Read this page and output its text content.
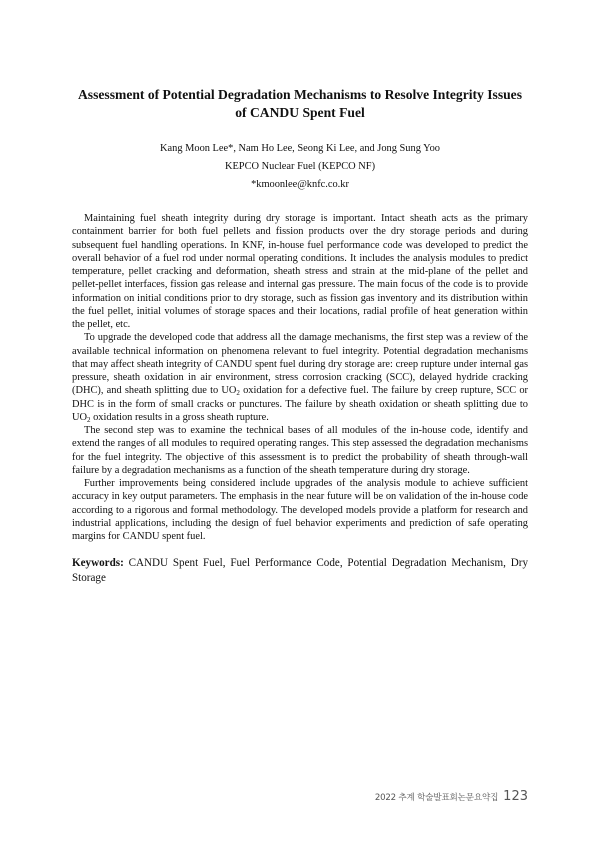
Assessment of Potential Degradation Mechanisms to Resolve Integrity Issues
of CANDU Spent Fuel
Kang Moon Lee*, Nam Ho Lee, Seong Ki Lee, and Jong Sung Yoo
KEPCO Nuclear Fuel (KEPCO NF)
*kmoonlee@knfc.co.kr

Maintaining fuel sheath integrity during dry storage is important. Intact sheath acts as the primary containment barrier for both fuel pellets and fission products over the dry storage periods and during subsequent fuel handling operations. In KNF, in-house fuel performance code was developed to predict the overall behavior of a fuel rod under normal operating conditions. It includes the analysis modules to predict temperature, pellet cracking and deformation, sheath stress and strain at the mid-plane of the pellet and pellet-pellet interfaces, fission gas release and internal gas pressure. The main focus of the code is to provide information on initial conditions prior to dry storage, such as fission gas inventory and its distribution within the fuel pellet, initial volumes of storage spaces and their locations, radial profile of heat generation within the pellet, etc.

To upgrade the developed code that address all the damage mechanisms, the first step was a review of the available technical information on phenomena relevant to fuel integrity. Potential degradation mechanisms that may affect sheath integrity of CANDU spent fuel during dry storage are: creep rupture under internal gas pressure, sheath oxidation in air environment, stress corrosion cracking (SCC), delayed hydride cracking (DHC), and sheath splitting due to $UO_2$ oxidation for a defective fuel. The failure by creep rupture, SCC or DHC is in the form of small cracks or punctures. The failure by sheath oxidation or sheath splitting due to $UO_2$ oxidation results in a gross sheath rupture.

The second step was to examine the technical bases of all modules of the in-house code, identify and extend the ranges of all modules to required operating ranges. This step assessed the degradation mechanisms for the fuel integrity. The objective of this assessment is to predict the probability of sheath through-wall failure by a degradation mechanisms as a function of the sheath temperature during dry storage.

Further improvements being considered include upgrades of the analysis module to achieve sufficient accuracy in key output parameters. The emphasis in the near future will be on validation of the in-house code according to a rigorous and formal methodology. The developed models provide a platform for research and industrial applications, including the design of fuel behavior experiments and prediction of safe operating margins for CANDU spent fuel.

Keywords: CANDU Spent Fuel, Fuel Performance Code, Potential Degradation Mechanism, Dry Storage
2022 추계 학술발표회논문요약집 123
